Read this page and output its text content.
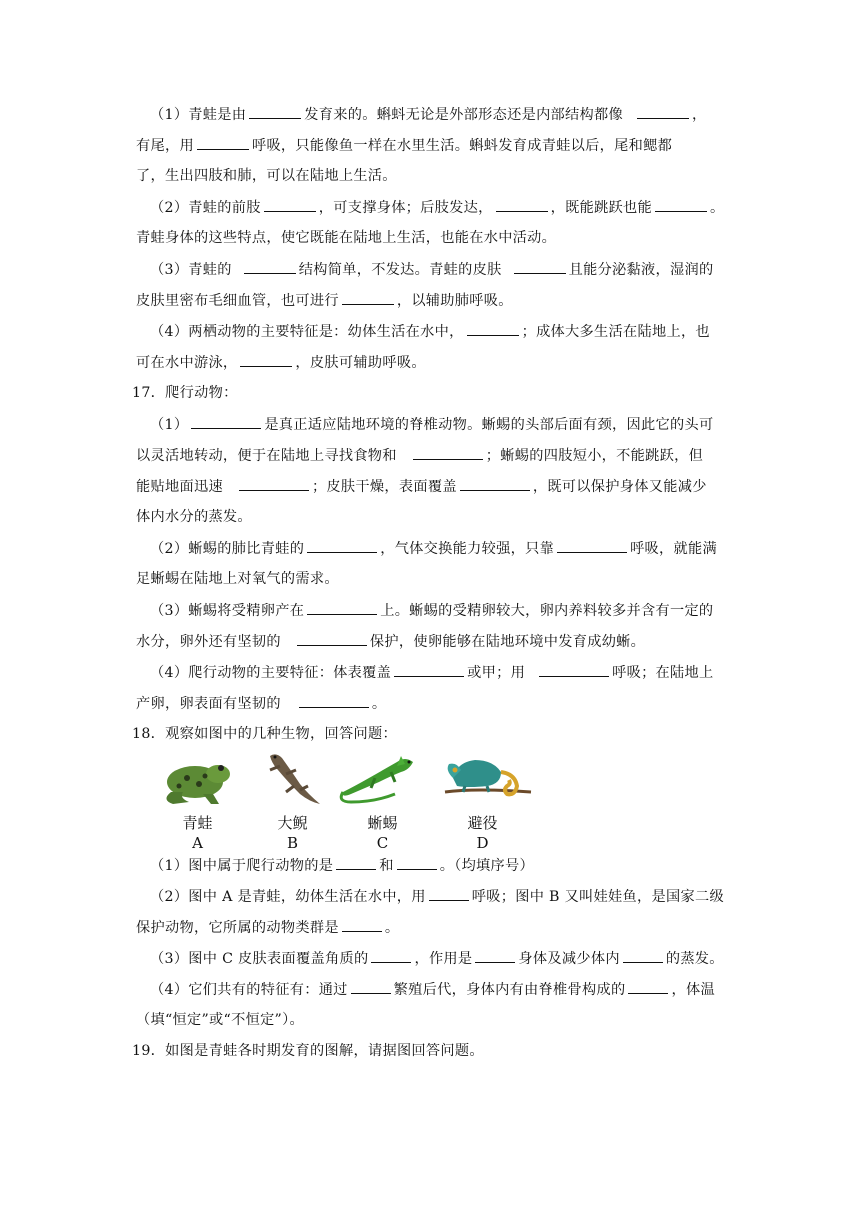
（1）青蛙是由	发育来的。蝌蚪无论是外部形态还是内部结构都像	，
有尾，用	呼吸，只能像鱼一样在水里生活。蝌蚪发育成青蛙以后，尾和鳃都
了，生出四肢和肺，可以在陆地上生活。
（2）青蛙的前肢	，可支撑身体；后肢发达，	，既能跳跃也能	。
青蛙身体的这些特点，使它既能在陆地上生活，也能在水中活动。
（3）青蛙的	结构简单，不发达。青蛙的皮肤	且能分泌黏液，湿润的
皮肤里密布毛细血管，也可进行	，以辅助肺呼吸。
（4）两栖动物的主要特征是：幼体生活在水中，	；成体大多生活在陆地上，也
可在水中游泳，	，皮肤可辅助呼吸。
17．爬行动物：
（1）	是真正适应陆地环境的脊椎动物。蜥蜴的头部后面有颈，因此它的头可
以灵活地转动，便于在陆地上寻找食物和	；蜥蜴的四肢短小，不能跳跃，但
能贴地面迅速	；皮肤干燥，表面覆盖	，既可以保护身体又能减少
体内水分的蒸发。
（2）蜥蜴的肺比青蛙的	，气体交换能力较强，只靠	呼吸，就能满
足蜥蜴在陆地上对氧气的需求。
（3）蜥蜴将受精卵产在	上。蜥蜴的受精卵较大，卵内养料较多并含有一定的
水分，卵外还有坚韧的	保护，使卵能够在陆地环境中发育成幼蜥。
（4）爬行动物的主要特征：体表覆盖	或甲；用	呼吸；在陆地上
产卵，卵表面有坚韧的	。
18．观察如图中的几种生物，回答问题：
青蛙
A
大鲵
B
蜥蜴
C
避役
D
（1）图中属于爬行动物的是	和	。（均填序号）
（2）图中 A 是青蛙，幼体生活在水中，用	呼吸；图中 B 又叫娃娃鱼，是国家二级
保护动物，它所属的动物类群是	。
（3）图中 C 皮肤表面覆盖角质的	，作用是	身体及减少体内	的蒸发。
（4）它们共有的特征有：通过	繁殖后代，身体内有由脊椎骨构成的	，体温
（填“恒定”或“不恒定”）。
19．如图是青蛙各时期发育的图解，请据图回答问题。
